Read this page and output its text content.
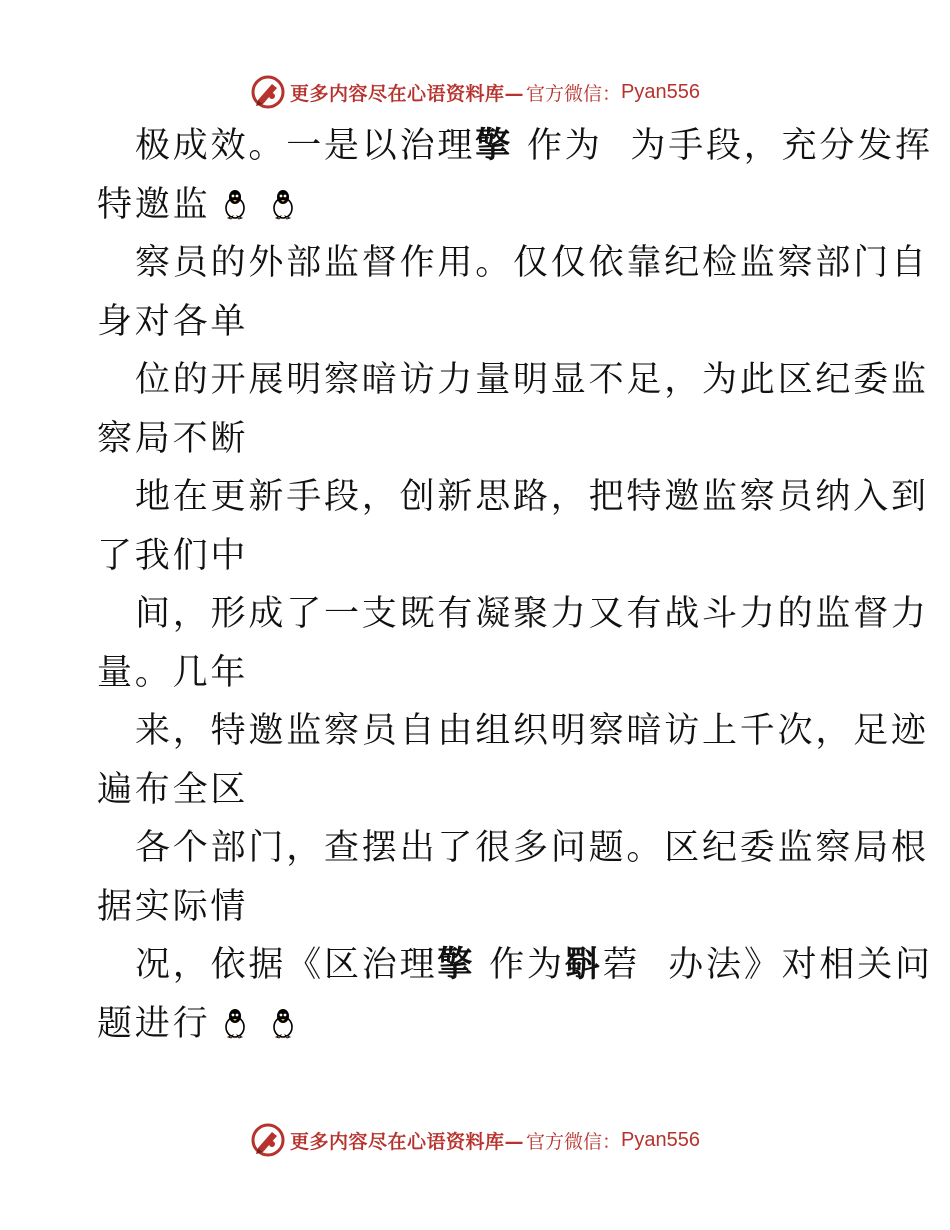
更多内容尽在心语资料库— 官方微信： Pyan556
极成效。一是以治理擎 作为  为手段，充分发挥
特邀监
察员的外部监督作用。仅仅依靠纪检监察部门自
身对各单
位的开展明察暗访力量明显不足，为此区纪委监
察局不断
地在更新手段，创新思路，把特邀监察员纳入到
了我们中
间，形成了一支既有凝聚力又有战斗力的监督力
量。几年
来，特邀监察员自由组织明察暗访上千次，足迹
遍布全区
各个部门，查摆出了很多问题。区纪委监察局根
据实际情
况，依据《区治理擎 作为斣菪  办法》对相关问
题进行
更多内容尽在心语资料库— 官方微信： Pyan556
